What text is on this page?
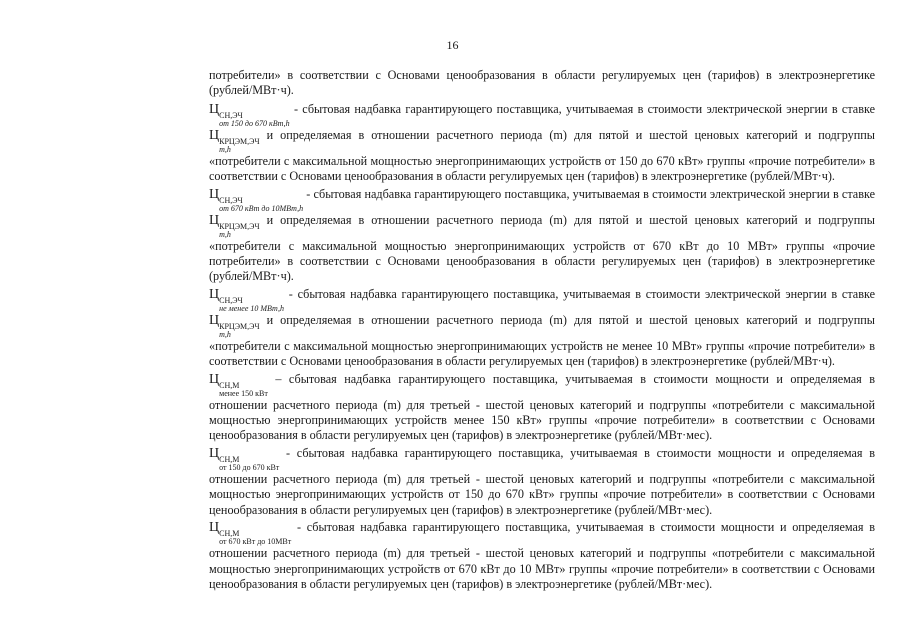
16

потребители» в соответствии с Основами ценообразования в области регулируемых цен (тарифов) в электроэнергетике (рублей/МВт·ч).

Ц СН,ЭЧ
от 150 до 670 кВт,h
- сбытовая надбавка гарантирующего поставщика, учитываемая в стоимости электрической энергии в ставке Ц КРЦЭМ,ЭЧ
m,h
и определяемая в отношении расчетного периода (m) для пятой и шестой ценовых категорий и подгруппы «потребители с максимальной мощностью энергопринимающих устройств от 150 до 670 кВт» группы «прочие потребители» в соответствии с Основами ценообразования в области регулируемых цен (тарифов) в электроэнергетике (рублей/МВт·ч).

Ц СН,ЭЧ
от 670 кВт до 10МВт,h
- сбытовая надбавка гарантирующего поставщика, учитываемая в стоимости электрической энергии в ставке Ц КРЦЭМ,ЭЧ
m,h
и определяемая в отношении расчетного периода (m) для пятой и шестой ценовых категорий и подгруппы «потребители с максимальной мощностью энергопринимающих устройств от 670 кВт до 10 МВт» группы «прочие потребители» в соответствии с Основами ценообразования в области регулируемых цен (тарифов) в электроэнергетике (рублей/МВт·ч).

Ц СН,ЭЧ
не менее 10 МВт,h
- сбытовая надбавка гарантирующего поставщика, учитываемая в стоимости электрической энергии в ставке Ц КРЦЭМ,ЭЧ
m,h
и определяемая в отношении расчетного периода (m) для пятой и шестой ценовых категорий и подгруппы «потребители с максимальной мощностью энергопринимающих устройств не менее 10 МВт» группы «прочие потребители» в соответствии с Основами ценообразования в области регулируемых цен (тарифов) в электроэнергетике (рублей/МВт·ч).

Ц СН,М
менее 150 кВт
– сбытовая надбавка гарантирующего поставщика, учитываемая в стоимости мощности и определяемая в отношении расчетного периода (m) для третьей - шестой ценовых категорий и подгруппы «потребители с максимальной мощностью энергопринимающих устройств менее 150 кВт» группы «прочие потребители» в соответствии с Основами ценообразования в области регулируемых цен (тарифов) в электроэнергетике (рублей/МВт·мес).

Ц СН,М
от 150 до 670 кВт
- сбытовая надбавка гарантирующего поставщика, учитываемая в стоимости мощности и определяемая в отношении расчетного периода (m) для третьей - шестой ценовых категорий и подгруппы «потребители с максимальной мощностью энергопринимающих устройств от 150 до 670 кВт» группы «прочие потребители» в соответствии с Основами ценообразования в области регулируемых цен (тарифов) в электроэнергетике (рублей/МВт·мес).

Ц СН,М
от 670 кВт до 10МВт
- сбытовая надбавка гарантирующего поставщика, учитываемая в стоимости мощности и определяемая в отношении расчетного периода (m) для третьей - шестой ценовых категорий и подгруппы «потребители с максимальной мощностью энергопринимающих устройств от 670 кВт до 10 МВт» группы «прочие потребители» в соответствии с Основами ценообразования в области регулируемых цен (тарифов) в электроэнергетике (рублей/МВт·мес).
